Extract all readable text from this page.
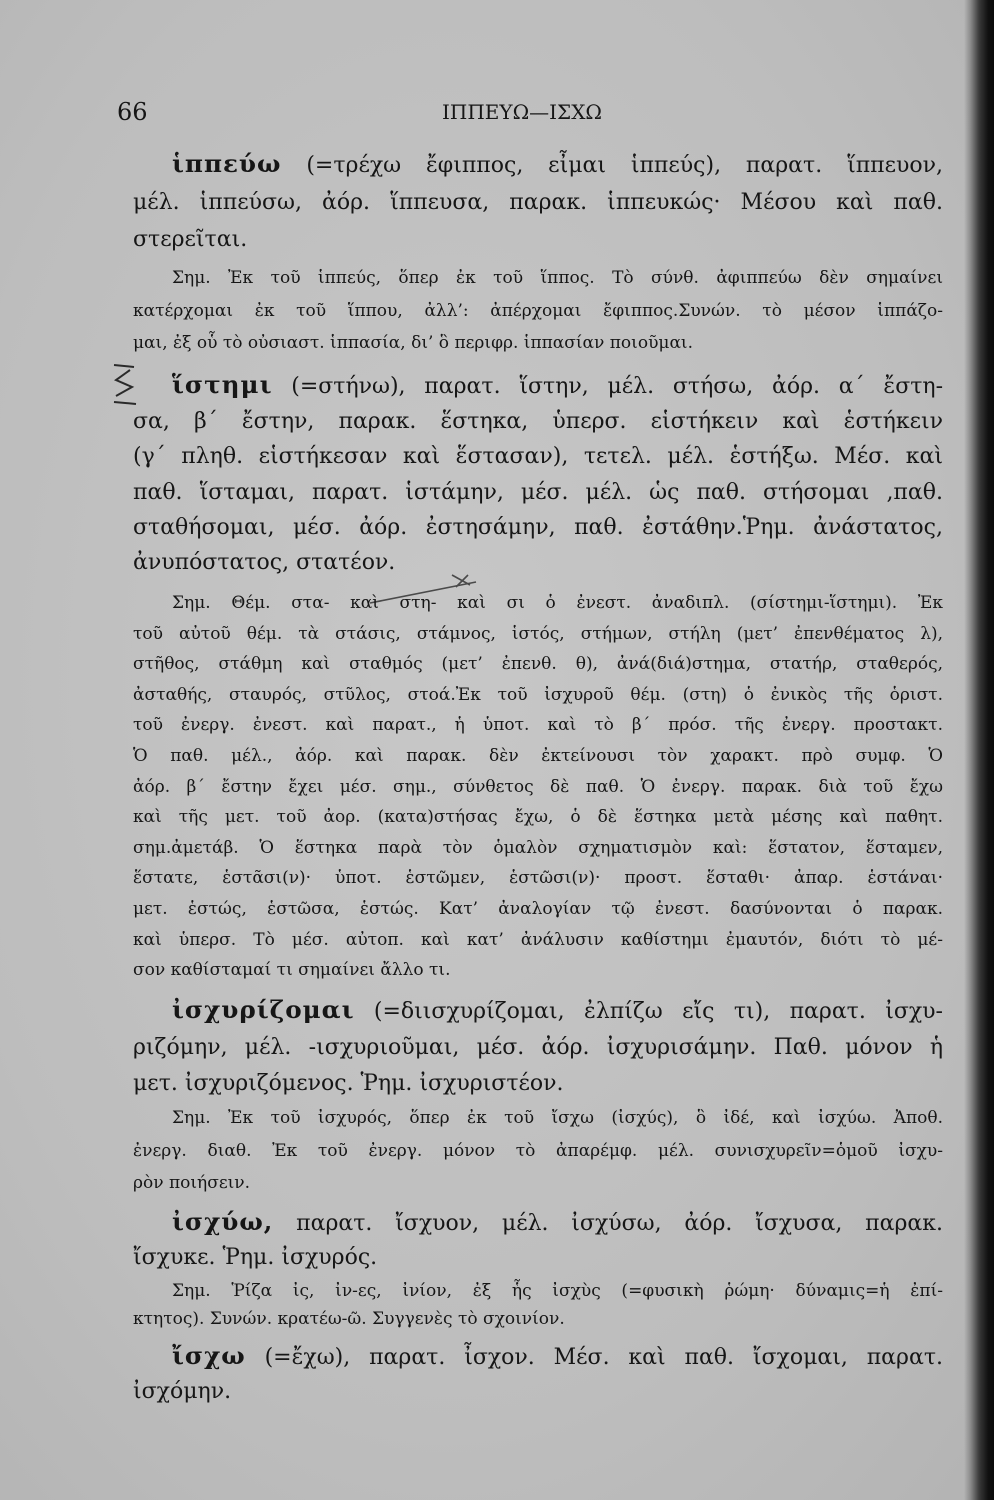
66	ΙΠΠΕΥΩ—ΙΣΧΩ
ἱππεύω (=τρέχω ἔφιππος, εἶμαι ἱππεύς), παρατ. ἵππευον,
μέλ. ἱππεύσω, ἀόρ. ἵππευσα, παρακ. ἱππευκώς· Μέσου καὶ παθ.
στερεῖται.
Σημ. Ἐκ τοῦ ἱππεύς, ὅπερ ἐκ τοῦ ἵππος. Τὸ σύνθ. ἀφιππεύω δὲν σημαίνει
κατέρχομαι ἐκ τοῦ ἵππου, ἀλλ’: ἀπέρχομαι ἔφιππος.Συνών. τὸ μέσον ἱππάζο-
μαι, ἐξ οὗ τὸ οὐσιαστ. ἱππασία, δι’ ὃ περιφρ. ἱππασίαν ποιοῦμαι.
ἵστημι (=στήνω), παρατ. ἵστην, μέλ. στήσω, ἀόρ. α΄ ἔστη-
σα, β΄ ἔστην, παρακ. ἕστηκα, ὑπερσ. εἱστήκειν καὶ ἑστήκειν
(γ΄ πληθ. εἱστήκεσαν καὶ ἕστασαν), τετελ. μέλ. ἑστήξω. Μέσ. καὶ
παθ. ἵσταμαι, παρατ. ἱστάμην, μέσ. μέλ. ὡς παθ. στήσομαι ,παθ.
σταθήσομαι, μέσ. ἀόρ. ἐστησάμην, παθ. ἐστάθην.Ῥημ. ἀνάστατος,
ἀνυπόστατος, στατέον.
Σημ. Θέμ. στα- καὶ στη- καὶ σι ὁ ἐνεστ. ἀναδιπλ. (σίστημι-ἵστημι). Ἐκ
τοῦ αὐτοῦ θέμ. τὰ στάσις, στάμνος, ἱστός, στήμων, στήλη (μετ’ ἐπενθέματος λ),
στῆθος, στάθμη καὶ σταθμός (μετ’ ἐπενθ. θ), ἀνά(διά)στημα, στατήρ, σταθερός,
ἀσταθής, σταυρός, στῦλος, στοά.Ἐκ τοῦ ἰσχυροῦ θέμ. (στη) ὁ ἐνικὸς τῆς ὁριστ.
τοῦ ἐνεργ. ἐνεστ. καὶ παρατ., ἡ ὑποτ. καὶ τὸ β΄ πρόσ. τῆς ἐνεργ. προστακτ.
Ὁ παθ. μέλ., ἀόρ. καὶ παρακ. δὲν ἐκτείνουσι τὸν χαρακτ. πρὸ συμφ. Ὁ
ἀόρ. β΄ ἔστην ἔχει μέσ. σημ., σύνθετος δὲ παθ. Ὁ ἐνεργ. παρακ. διὰ τοῦ ἔχω
καὶ τῆς μετ. τοῦ ἀορ. (κατα)στήσας ἔχω, ὁ δὲ ἕστηκα μετὰ μέσης καὶ παθητ.
σημ.ἀμετάβ. Ὁ ἕστηκα παρὰ τὸν ὁμαλὸν σχηματισμὸν καὶ: ἕστατον, ἕσταμεν,
ἕστατε, ἑστᾶσι(ν)· ὑποτ. ἑστῶμεν, ἑστῶσι(ν)· προστ. ἕσταθι· ἀπαρ. ἑστάναι·
μετ. ἑστώς, ἑστῶσα, ἑστώς. Κατ’ ἀναλογίαν τῷ ἐνεστ. δασύνονται ὁ παρακ.
καὶ ὑπερσ. Τὸ μέσ. αὐτοπ. καὶ κατ’ ἀνάλυσιν καθίστημι ἐμαυτόν, διότι τὸ μέ-
σον καθίσταμαί τι σημαίνει ἄλλο τι.
ἰσχυρίζομαι (=διισχυρίζομαι, ἐλπίζω εἴς τι), παρατ. ἰσχυ-
ριζόμην, μέλ. -ισχυριοῦμαι, μέσ. ἀόρ. ἰσχυρισάμην. Παθ. μόνον ἡ
μετ. ἰσχυριζόμενος. Ῥημ. ἰσχυριστέον.
Σημ. Ἐκ τοῦ ἰσχυρός, ὅπερ ἐκ τοῦ ἴσχω (ἰσχύς), ὃ ἰδέ, καὶ ἰσχύω. Ἀποθ.
ἐνεργ. διαθ. Ἐκ τοῦ ἐνεργ. μόνον τὸ ἀπαρέμφ. μέλ. συνισχυρεῖν=ὁμοῦ ἰσχυ-
ρὸν ποιήσειν.
ἰσχύω, παρατ. ἴσχυον, μέλ. ἰσχύσω, ἀόρ. ἴσχυσα, παρακ.
ἴσχυκε. Ῥημ. ἰσχυρός.
Σημ. Ῥίζα ἰς, ἰν-ες, ἰνίον, ἐξ ἧς ἰσχὺς (=φυσικὴ ῥώμη· δύναμις=ἡ ἐπί-
κτητος). Συνών. κρατέω-ῶ. Συγγενὲς τὸ σχοινίον.
ἴσχω (=ἔχω), παρατ. ἶσχον. Μέσ. καὶ παθ. ἴσχομαι, παρατ.
ἰσχόμην.
